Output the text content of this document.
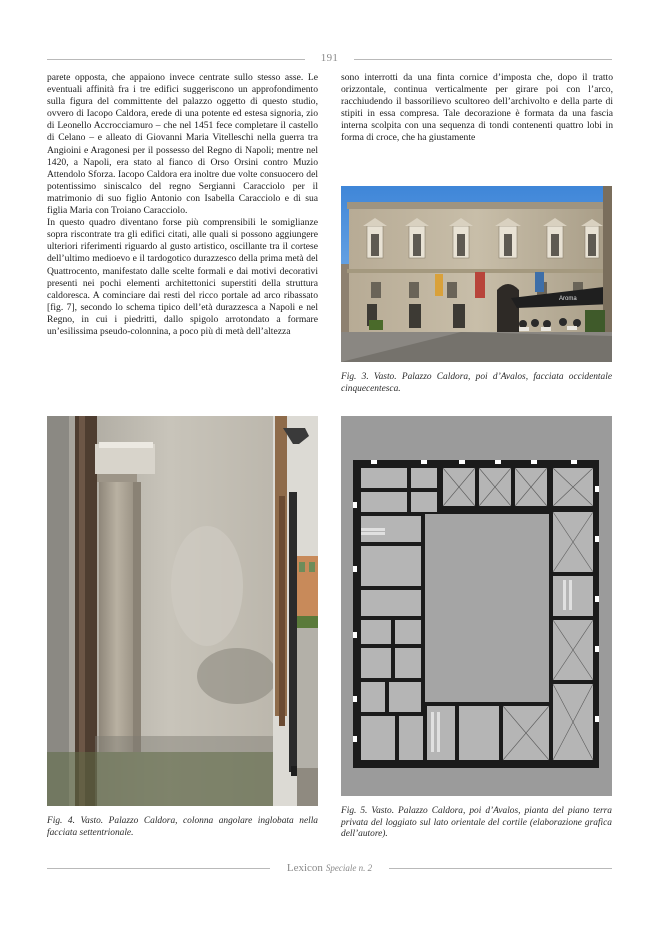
191

parete opposta, che appaiono invece centrate sullo stesso asse. Le eventuali affinità fra i tre edifici suggeriscono un approfondimento sulla figura del committente del palazzo oggetto di questo studio, ovvero di Iacopo Caldora, erede di una potente ed estesa signoria, zio di Leonello Accrocciamuro – che nel 1451 fece completare il castello di Celano – e alleato di Giovanni Maria Vitelleschi nella guerra tra Angioini e Aragonesi per il possesso del Regno di Napoli; mentre nel 1420, a Napoli, era stato al fianco di Orso Orsini contro Muzio Attendolo Sforza. Iacopo Caldora era inoltre due volte consuocero del potentissimo siniscalco del regno Sergianni Caracciolo per il matrimonio di suo figlio Antonio con Isabella Caracciolo e di sua figlia Maria con Troiano Caracciolo.

In questo quadro diventano forse più comprensibili le somiglianze sopra riscontrate tra gli edifici citati, alle quali si possono aggiungere ulteriori riferimenti riguardo al gusto artistico, oscillante tra il cortese dell’ultimo medioevo e il tardogotico durazzesco della prima metà del Quattrocento, manifestato dalle scelte formali e dai motivi decorativi presenti nei pochi elementi architettonici superstiti della struttura caldoresca. A cominciare dai resti del ricco portale ad arco ribassato [fig. 7], secondo lo schema tipico dell’età durazzesca a Napoli e nel Regno, in cui i piedritti, dallo spigolo arrotondato a formare un’esilissima pseudo-colonnina, a poco più di metà dell’altezza

sono interrotti da una finta cornice d’imposta che, dopo il tratto orizzontale, continua verticalmente per girare poi con l’arco, racchiudendo il bassorilievo scultoreo dell’archivolto e della parte di stipiti in essa compresa. Tale decorazione è formata da una fascia interna scolpita con una sequenza di tondi contenenti quattro lobi in forma di croce, che ha giustamente

Aroma
Fig. 3. Vasto. Palazzo Caldora, poi d’Avalos, facciata occidentale cinquecentesca.
Fig. 4. Vasto. Palazzo Caldora, colonna angolare inglobata nella facciata settentrionale.
Fig. 5. Vasto. Palazzo Caldora, poi d’Avalos, pianta del piano terra privata del loggiato sul lato orientale del cortile (elaborazione grafica dell’autore).
Lexicon Speciale n. 2
